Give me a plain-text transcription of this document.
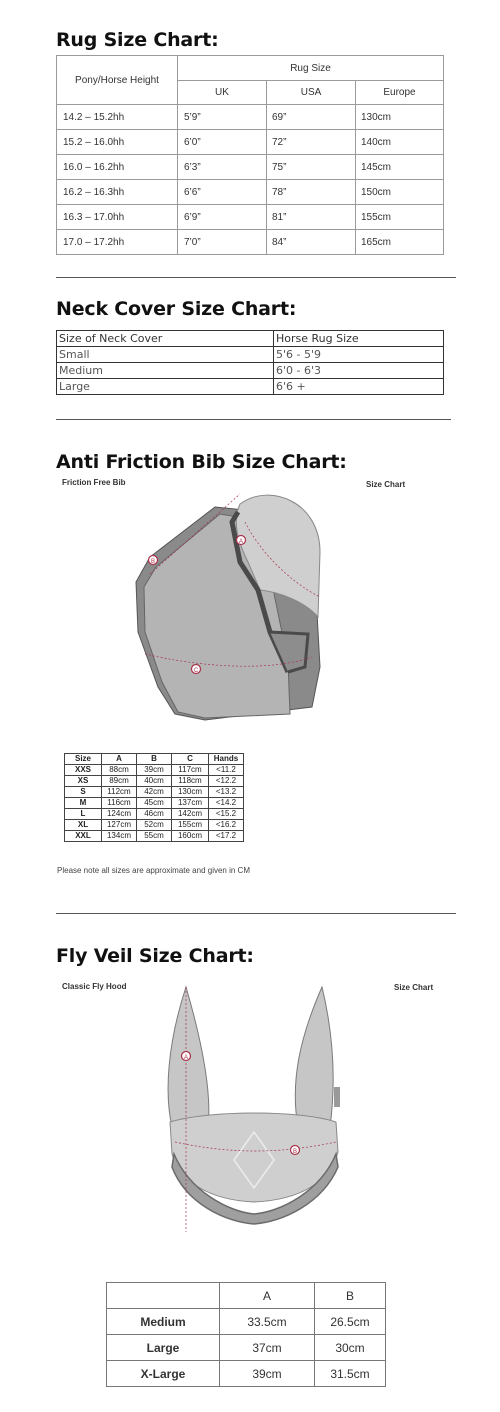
Rug Size Chart:
Pony/Horse Height	Rug Size		
	UK	USA	Europe
14.2 – 15.2hh	5’9”	69”	130cm
15.2 – 16.0hh	6’0”	72”	140cm
16.0 – 16.2hh	6’3”	75”	145cm
16.2 – 16.3hh	6’6”	78”	150cm
16.3 – 17.0hh	6’9”	81”	155cm
17.0 – 17.2hh	7’0”	84”	165cm
Neck Cover Size Chart:
Size of Neck Cover	Horse Rug Size
Small	5'6 - 5'9
Medium	6'0 - 6'3
Large	6'6 +
Anti Friction Bib Size Chart:
Friction Free Bib	Size Chart
A
B
C
Size	A	B	C	Hands
XXS	88cm	39cm	117cm	<11.2
XS	89cm	40cm	118cm	<12.2
S	112cm	42cm	130cm	<13.2
M	116cm	45cm	137cm	<14.2
L	124cm	46cm	142cm	<15.2
XL	127cm	52cm	155cm	<16.2
XXL	134cm	55cm	160cm	<17.2
Please note all sizes are approximate and given in CM
Fly Veil Size Chart:
Classic Fly Hood	Size Chart
A
B
	A	B
Medium	33.5cm	26.5cm
Large	37cm	30cm
X-Large	39cm	31.5cm
